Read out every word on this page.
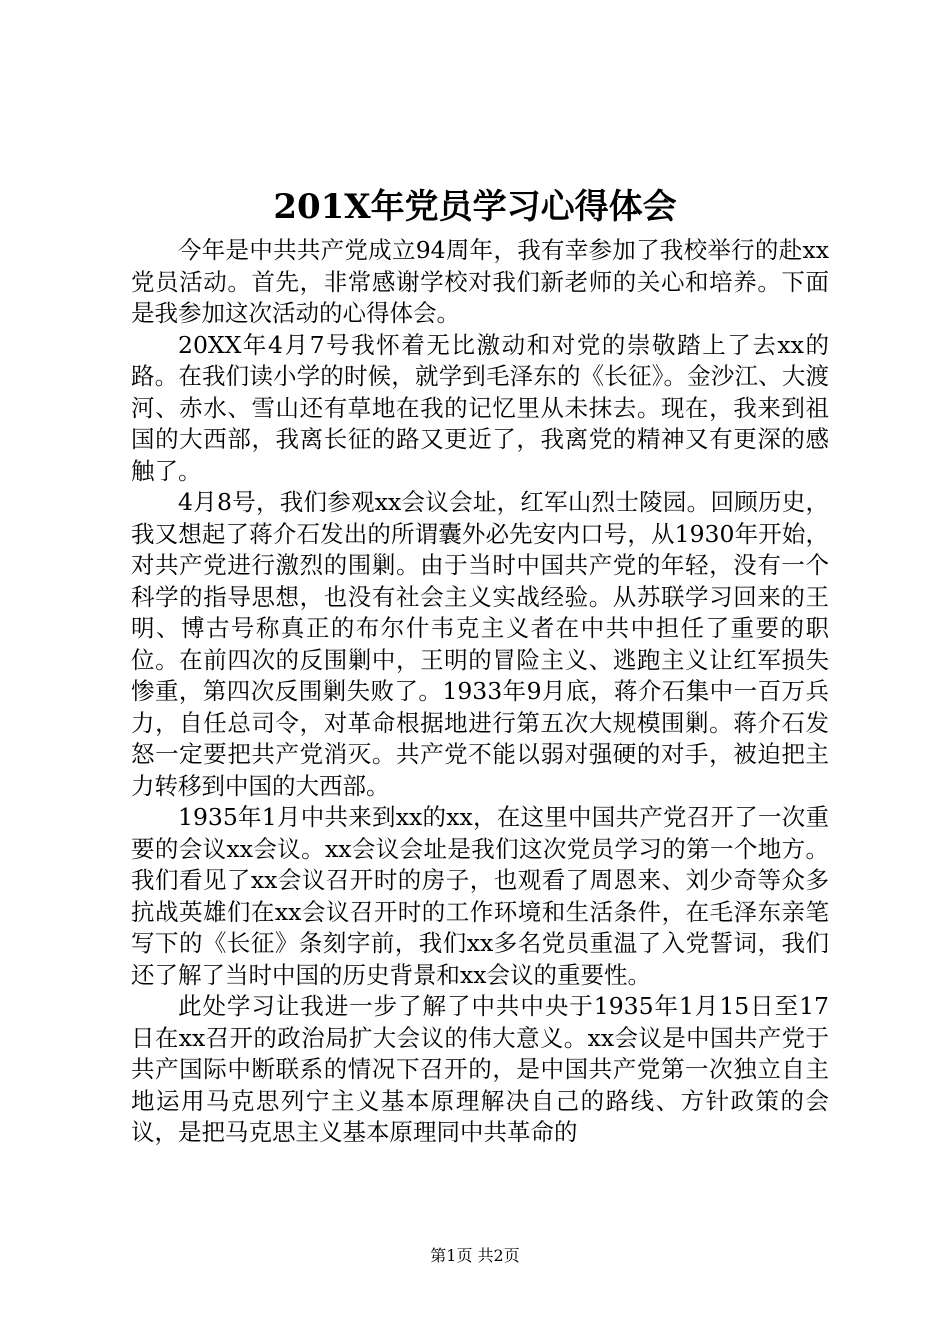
201X年党员学习心得体会

今年是中共共产党成立94周年，我有幸参加了我校举行的赴xx党员活动。首先，非常感谢学校对我们新老师的关心和培养。下面是我参加这次活动的心得体会。

20XX年4月7号我怀着无比激动和对党的崇敬踏上了去xx的路。在我们读小学的时候，就学到毛泽东的《长征》。金沙江、大渡河、赤水、雪山还有草地在我的记忆里从未抹去。现在，我来到祖国的大西部，我离长征的路又更近了，我离党的精神又有更深的感触了。

4月8号，我们参观xx会议会址，红军山烈士陵园。回顾历史，我又想起了蒋介石发出的所谓囊外必先安内口号，从1930年开始，对共产党进行激烈的围剿。由于当时中国共产党的年轻，没有一个科学的指导思想，也没有社会主义实战经验。从苏联学习回来的王明、博古号称真正的布尔什韦克主义者在中共中担任了重要的职位。在前四次的反围剿中，王明的冒险主义、逃跑主义让红军损失惨重，第四次反围剿失败了。1933年9月底，蒋介石集中一百万兵力，自任总司令，对革命根据地进行第五次大规模围剿。蒋介石发怒一定要把共产党消灭。共产党不能以弱对强硬的对手，被迫把主力转移到中国的大西部。

1935年1月中共来到xx的xx，在这里中国共产党召开了一次重要的会议xx会议。xx会议会址是我们这次党员学习的第一个地方。我们看见了xx会议召开时的房子，也观看了周恩来、刘少奇等众多抗战英雄们在xx会议召开时的工作环境和生活条件，在毛泽东亲笔写下的《长征》条刻字前，我们xx多名党员重温了入党誓词，我们还了解了当时中国的历史背景和xx会议的重要性。

此处学习让我进一步了解了中共中央于1935年1月15日至17日在xx召开的政治局扩大会议的伟大意义。xx会议是中国共产党于共产国际中断联系的情况下召开的，是中国共产党第一次独立自主地运用马克思列宁主义基本原理解决自己的路线、方针政策的会议，是把马克思主义基本原理同中共革命的

第1页 共2页
